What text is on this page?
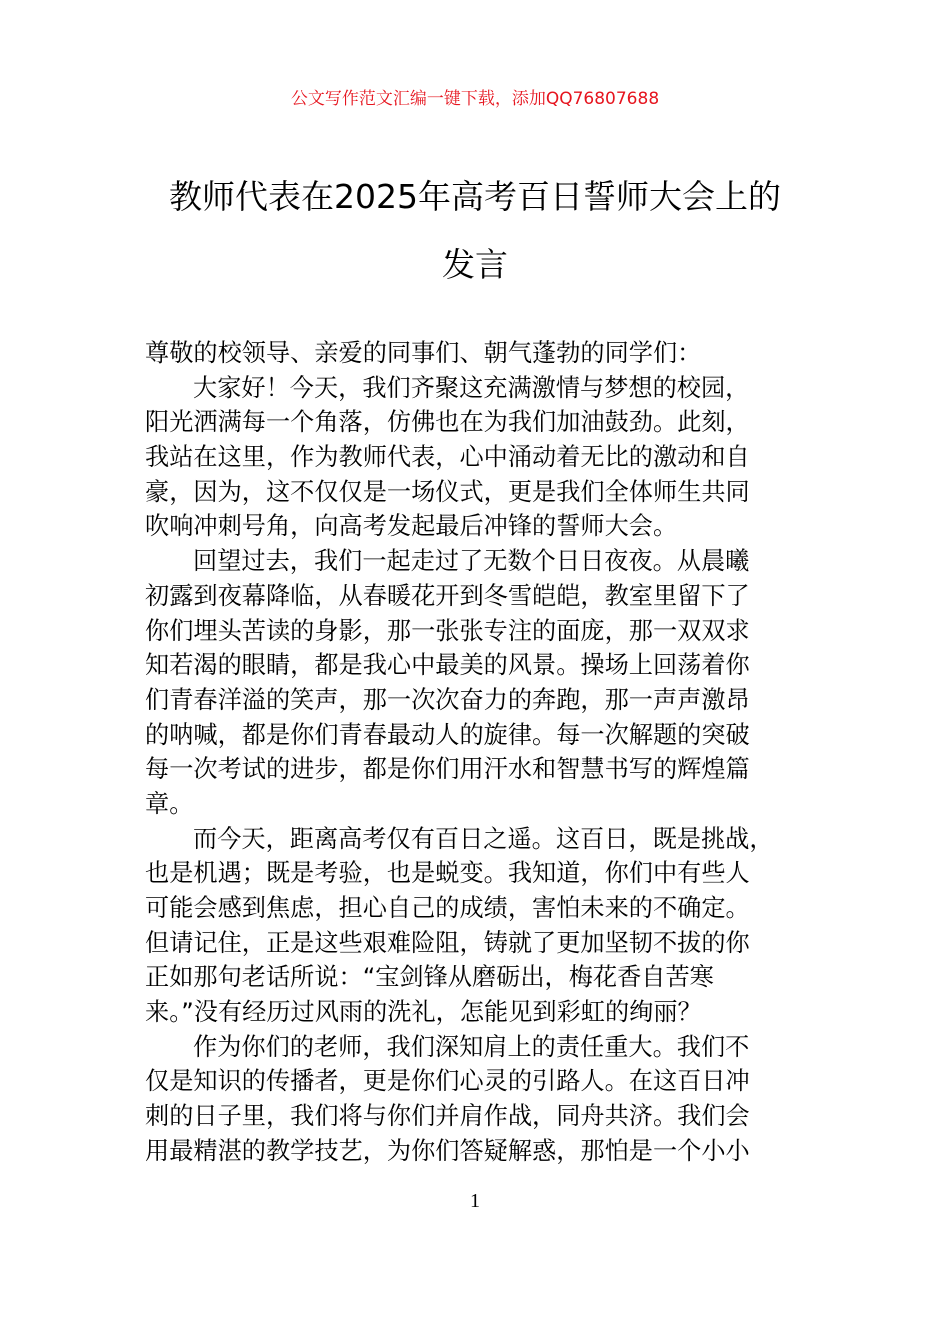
公文写作范文汇编一键下载，添加QQ76807688
教师代表在2025年高考百日誓师大会上的
发言
尊敬的校领导、亲爱的同事们、朝气蓬勃的同学们：
大家好！今天，我们齐聚这充满激情与梦想的校园，
阳光洒满每一个角落，仿佛也在为我们加油鼓劲。此刻，
我站在这里，作为教师代表，心中涌动着无比的激动和自
豪，因为，这不仅仅是一场仪式，更是我们全体师生共同
吹响冲刺号角，向高考发起最后冲锋的誓师大会。
回望过去，我们一起走过了无数个日日夜夜。从晨曦
初露到夜幕降临，从春暖花开到冬雪皑皑，教室里留下了
你们埋头苦读的身影，那一张张专注的面庞，那一双双求
知若渴的眼睛，都是我心中最美的风景。操场上回荡着你
们青春洋溢的笑声，那一次次奋力的奔跑，那一声声激昂
的呐喊，都是你们青春最动人的旋律。每一次解题的突破
每一次考试的进步，都是你们用汗水和智慧书写的辉煌篇
章。
而今天，距离高考仅有百日之遥。这百日，既是挑战，
也是机遇；既是考验，也是蜕变。我知道，你们中有些人
可能会感到焦虑，担心自己的成绩，害怕未来的不确定。
但请记住，正是这些艰难险阻，铸就了更加坚韧不拔的你
正如那句老话所说：“宝剑锋从磨砺出，梅花香自苦寒
来。”没有经历过风雨的洗礼，怎能见到彩虹的绚丽？
作为你们的老师，我们深知肩上的责任重大。我们不
仅是知识的传播者，更是你们心灵的引路人。在这百日冲
刺的日子里，我们将与你们并肩作战，同舟共济。我们会
用最精湛的教学技艺，为你们答疑解惑，那怕是一个小小
1
